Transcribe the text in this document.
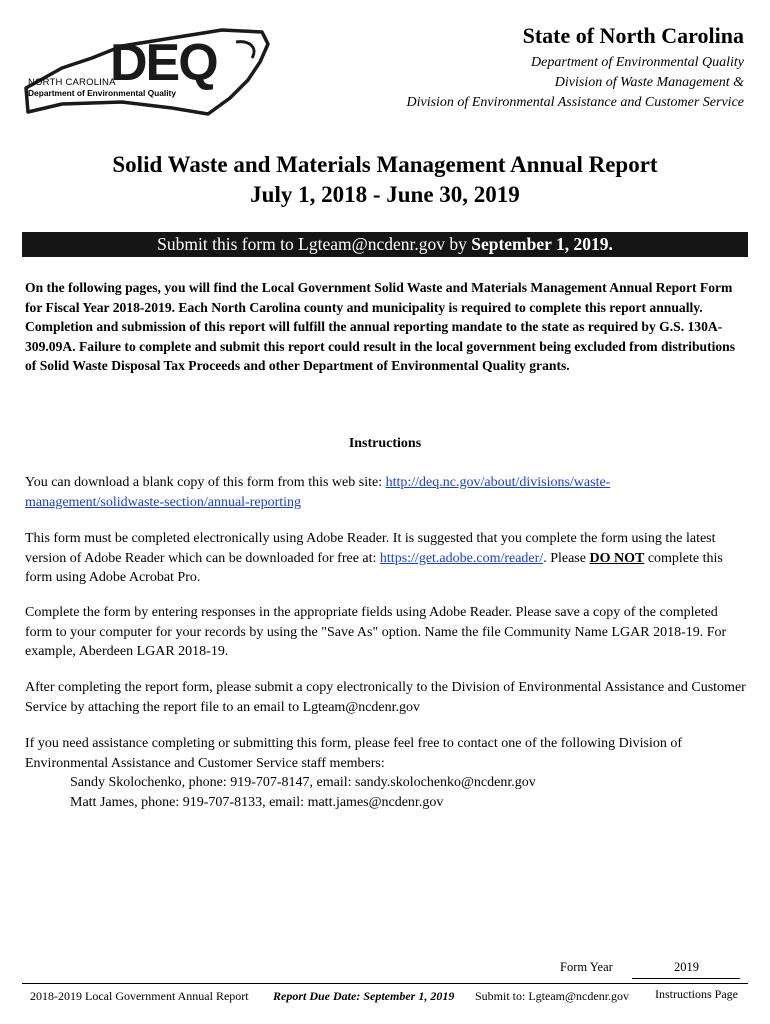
DEQ
NORTH CAROLINA
Department of Environmental Quality
State of North Carolina
Department of Environmental Quality
Division of Waste Management &
Division of Environmental Assistance and Customer Service
Solid Waste and Materials Management Annual Report
July 1, 2018 - June 30, 2019
Submit this form to Lgteam@ncdenr.gov by September 1, 2019.
On the following pages, you will find the Local Government Solid Waste and Materials Management Annual Report Form for Fiscal Year 2018-2019. Each North Carolina county and municipality is required to complete this report annually. Completion and submission of this report will fulfill the annual reporting mandate to the state as required by G.S. 130A-309.09A. Failure to complete and submit this report could result in the local government being excluded from distributions of Solid Waste Disposal Tax Proceeds and other Department of Environmental Quality grants.
Instructions
You can download a blank copy of this form from this web site: http://deq.nc.gov/about/divisions/waste-management/solidwaste-section/annual-reporting
This form must be completed electronically using Adobe Reader. It is suggested that you complete the form using the latest version of Adobe Reader which can be downloaded for free at: https://get.adobe.com/reader/. Please DO NOT complete this form using Adobe Acrobat Pro.
Complete the form by entering responses in the appropriate fields using Adobe Reader. Please save a copy of the completed form to your computer for your records by using the "Save As" option. Name the file Community Name LGAR 2018-19. For example, Aberdeen LGAR 2018-19.
After completing the report form, please submit a copy electronically to the Division of Environmental Assistance and Customer Service by attaching the report file to an email to Lgteam@ncdenr.gov
If you need assistance completing or submitting this form, please feel free to contact one of the following Division of Environmental Assistance and Customer Service staff members:
Sandy Skolochenko, phone: 919-707-8147, email: sandy.skolochenko@ncdenr.gov
Matt James, phone: 919-707-8133, email: matt.james@ncdenr.gov
Form Year	2019
2018-2019 Local Government Annual Report Report Due Date: September 1, 2019 Submit to: Lgteam@ncdenr.gov Instructions Page
